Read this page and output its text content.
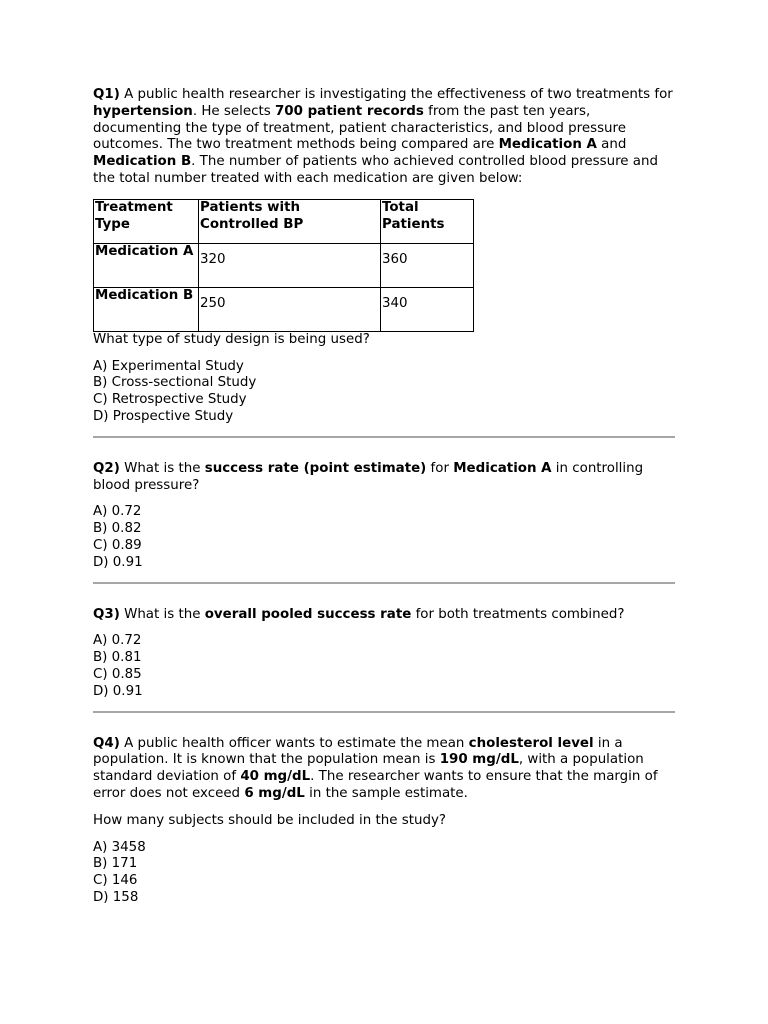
Q1) A public health researcher is investigating the effectiveness of two treatments for hypertension. He selects 700 patient records from the past ten years, documenting the type of treatment, patient characteristics, and blood pressure outcomes. The two treatment methods being compared are Medication A and Medication B. The number of patients who achieved controlled blood pressure and the total number treated with each medication are given below:

Treatment Type	Patients with Controlled BP	Total Patients
Medication A	320	360
Medication B	250	340

What type of study design is being used?

A) Experimental Study
B) Cross-sectional Study
C) Retrospective Study
D) Prospective Study

Q2) What is the success rate (point estimate) for Medication A in controlling blood pressure?

A) 0.72
B) 0.82
C) 0.89
D) 0.91

Q3) What is the overall pooled success rate for both treatments combined?

A) 0.72
B) 0.81
C) 0.85
D) 0.91

Q4) A public health officer wants to estimate the mean cholesterol level in a population. It is known that the population mean is 190 mg/dL, with a population standard deviation of 40 mg/dL. The researcher wants to ensure that the margin of error does not exceed 6 mg/dL in the sample estimate.

How many subjects should be included in the study?

A) 3458
B) 171
C) 146
D) 158
